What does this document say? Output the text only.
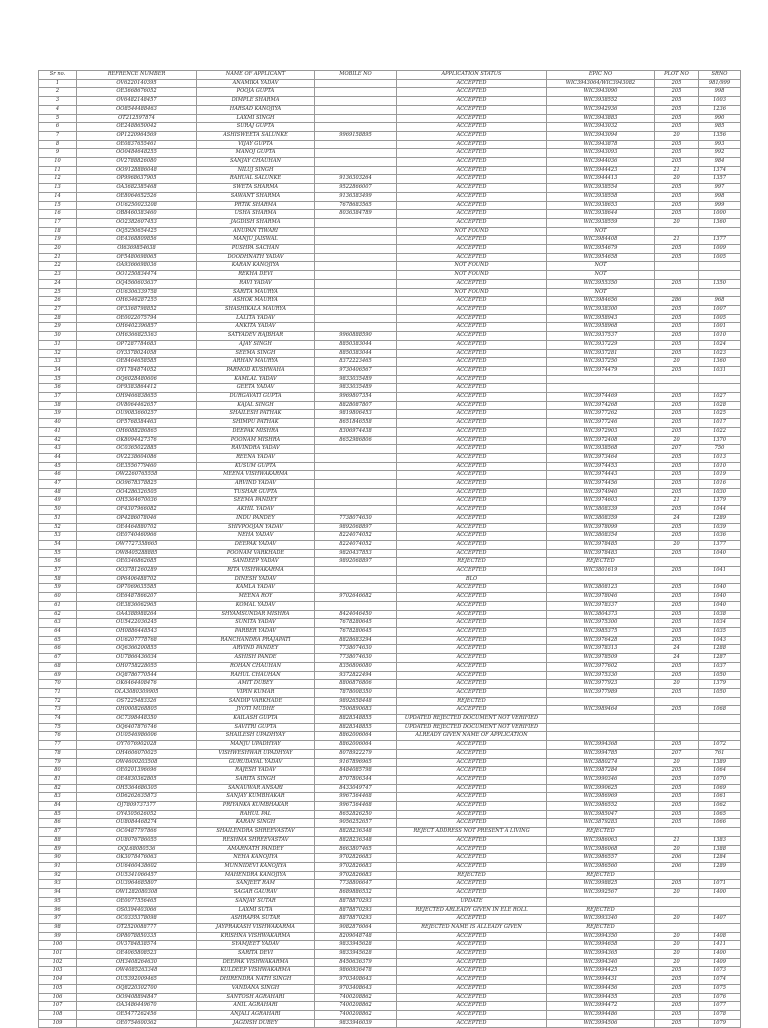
Sr no.	REFRENCE NUMBER	NAME OF APPLICANT	MOBILE NO	APPLICATION STATUS	EPIC NO	PLOT NO	SRNO
1	OV6220140395	ANAMIKA YADAV		ACCEPTED	WIC3943064/WIC3943082	205	981/999
2	OE3668676052	POOJA GUPTA		ACCEPTED	WIC3943090	205	998
3	OV6482148457	DIMPLE SHARMA		ACCEPTED	WIC3938552	205	1003
4	OO8544488463	HARSAD KANOJIYA		ACCEPTED	WIC3942936	205	1236
5	OT212597874	LAXMI SINGH		ACCEPTED	WIC3943883	205	990
6	OE2488650042	SURAJ GUPTA		ACCEPTED	WIC3943032	205	985
7	OP1220964569	ASHISWEETA SALUNKE	9969158895	ACCEPTED	WIC3943094	20	1356
8	OE0837655461	VIJAY GUPTA		ACCEPTED	WIC3943878	205	993
9	OO0484648255	MANOJ GUPTA		ACCEPTED	WIC3943093	205	992
10	OV2788826080	SANJAY CHAUHAN		ACCEPTED	WIC3944036	205	984
11	OO9128886048	NILUJ SINGH		ACCEPTED	WIC3944423	21	1374
12	OP9968637905	RAHUAL SALUNKE	9136303264	ACCEPTED	WIC3944413	20	1357
13	OA3682385468	SWETA SHARMA	9522866007	ACCEPTED	WIC3938554	205	997
14	OE8064652526	SAWANT SHARMA	9136383499	ACCEPTED	WIC3938558	205	998
15	OU6250023208	PRTIK SHARMA	7678683565	ACCEPTED	WIC3938653	205	999
16	OB8460383460	USHA SHARMA	8036384789	ACCEPTED	WIC3938644	205	1000
17	OO2382607453	JAGDISH SHARMA		ACCEPTED	WIC3938559	20	1360
18	OQ5250654425	ANUPAN TIWARI		NOT FOUND	NOT		
19	OE4368809856	MANJU JAISWAL		ACCEPTED	WIC3984408	21	1377
20	OI6369854638	PUSHPA SACHAN		ACCEPTED	WIC3954679	205	1009
21	OF5480698065	DOODHNATH YADAV		ACCEPTED	WIC3954658	205	1005
22	OA9366698036	KARAN KANOJIYA		NOT FOUND	NOT		
23	OO1250834474	REKHA DEVI		NOT FOUND	NOT		
24	OQ4560603637	RAVI YADAV		ACCEPTED	WIC3955350	205	1350
25	OU6306339758	SARITA MAURYA		NOT FOUND	NOT		
26	OH6346287255	ASHOK MAURYA		ACCEPTED	WIC3984656	286	968
27	OF3368798852	SHASHIKALA MAURYA		ACCEPTED	WIC3938300	205	1007
28	OE0022075794	LALITA YADAV		ACCEPTED	WIC3958943	205	1005
29	OH6402396857	ANKITA YADAV		ACCEPTED	WIC3958968	205	1001
30	OH6366825363	SATYADEV RAJBHAR	9960888590	ACCEPTED	WIC3937537	205	1010
31	OP7287784683	AJAY SINGH	8850383044	ACCEPTED	WIC3937229	205	1024
32	OY3378024058	SEEMA SINGH	8850383044	ACCEPTED	WIC3937281	205	1023
33	OE8464658585	ARHAN MAURYA	8372223465	ACCEPTED	WIC3937250	20	1360
34	OY1784874052	PARMOD KUSHWAHA	9730406567	ACCEPTED	WIC3974479	205	1031
35	OQ6028480606	KAMLAL YADAV	9833035489	ACCEPTED			
36	OF9383864412	GEETA YADAV	9833035489	ACCEPTED			
37	OH9466838655	DURGAVATI GUPTA	9969807354	ACCEPTED	WIC3974469	205	1027
38	OV8064462657	KAJAL SINGH	8828087807	ACCEPTED	WIC3974268	205	1028
39	OU9083660257	SHAILESH PATHAK	9819806453	ACCEPTED	WIC3977262	205	1025
40	OF5768384463	SHIMPU PATHAK	8651846558	ACCEPTED	WIC3977246	205	1017
41	OH6088286865	DEEPAK MISHRA	8306974438	ACCEPTED	WIC3972903	205	1022
42	OK8094427376	POONAM MISHRA	8652986806	ACCEPTED	WIC3972408	20	1370
43	OC0365022885	RAVINDRA YADAV		ACCEPTED	WIC3938568	207	750
44	OV2238604086	REENA YADAV		ACCEPTED	WIC3973464	205	1013
45	OE3556779460	KUSUM GUPTA		ACCEPTED	WIC3974453	205	1010
46	OW2260765558	MEENA VISHWAKARMA		ACCEPTED	WIC3974443	205	1019
47	OO9678378825	ARVIND YADAV		ACCEPTED	WIC3974456	205	1016
48	OO4286326505	TUSHAR GUPTA		ACCEPTED	WIC3974940	205	1030
49	OH5364670036	SEEMA PANDEY		ACCEPTED	WIC3974603	21	1379
50	OF4307966082	AKHIL YADAV		ACCEPTED	WIC3808339	205	1044
51	OP4286078046	INDU PANDEY	7738074630	ACCEPTED	WIC3808359	24	1289
52	OE4464880702	SHIVPOOJAN YADAV	9892068897	ACCEPTED	WIC3978099	205	1039
53	OE0740460966	NEHA YADAV	8224074052	ACCEPTED	WIC3808354	205	1036
54	OW7727358665	DEEPAK YADAV	8224074052	ACCEPTED	WIC3978485	20	1377
55	OW8405288885	POONAM VARKHADE	9820437853	ACCEPTED	WIC3978483	205	1040
56	OE0346862685	SANDEEP YADAV	9892068897	REJECTED	REJECTED		
57	OO3781260289	RITA VISHWAKARMA		ACCEPTED	WIC3801619	205	1041
58	OP6406488702	DINESH YADAV		BLO			
59	OP7069635585	KAMLA YADAV		ACCEPTED	WIC3808123	205	1040
60	OE6487866207	MEENA ROY	9702646682	ACCEPTED	WIC3978046	205	1040
61	OE3836062965	KOMAL YADAV		ACCEPTED	WIC3978337	205	1040
62	OA4388988264	SHYAMSUNDAR MISHRA	8424046450	ACCEPTED	WIC3804373	205	1038
63	OU5422036245	SUNITA YADAV	7678280645	ACCEPTED	WIC3975300	205	1034
64	OH0886448543	PARBER YADAV	7678280645	ACCEPTED	WIC3985375	205	1035
65	OU6207778768	RANCHANDRA PRAJAPATI	8828683294	ACCEPTED	WIC3976428	205	1043
66	OQ6366200855	ARVIND PANDEY	7738074630	ACCEPTED	WIC3978313	24	1288
67	OU7866436034	ASHISH PANDE	7738074630	ACCEPTED	WIC3978509	24	1287
68	OH0758228055	ROHAN CHAUHAN	8356806080	ACCEPTED	WIC3977602	205	1037
69	OQ8786770544	RAHUL CHAUHAN	9372822494	ACCEPTED	WIC3975330	205	1050
70	OK6464408476	AMIT DUBEY	8806876806	ACCEPTED	WIC3977923	20	1379
71	OLA3080309905	VIPIN KUMAR	7878008350	ACCEPTED	WIC3977989	205	1050
72	OS7225483326	SANDIP VARKHADE	9892658448	REJECTED			
73	OH0008268805	JYOTI MUDHE	7506890683	ACCEPTED	WIC3989464	205	1068
74	OC7398448350	KAILASH GUPTA	8828348855	UPDATED REJECTED DOCUMENT NOT VERIFIED			
75	OQ6407876746	SAVITRI GUPTA	8828348855	UPDATED REJECTED DOCUMENT NOT VERIFIED			
76	OU0546986006	SHAILESH UPADHYAY	8862006064	ALREADY GIVEN NAME OF APPLICATION			
77	OY7076902028	MANJU UPADHYAY	8862006064	ACCEPTED	WIC3994368	205	1072
78	OH4606070025	VISHWESHWAR UPADHYAY	8078922279	ACCEPTED	WIC3994785	207	761
79	OW4600203508	GURUDAYAL YADAV	9167896965	ACCEPTED	WIC3880274	20	1389
80	OE0201396696	RAJESH YADAV	8484085798	ACCEPTED	WIC3987284	205	1064
81	OE4830362805	SARITA SINGH	8707806344	ACCEPTED	WIC3990346	205	1070
82	OH5364686305	SANAUWAR ANSARI	8433049747	ACCEPTED	WIC3990625	205	1069
83	OD6262635873	SANJAY KUMBHAKAR	9967364468	ACCEPTED	WIC3986969	205	1061
84	OJ7809737377	PRIYANKA KUMBHAKAR	9967364468	ACCEPTED	WIC3986552	205	1062
85	OY4305626052	RAHUL PAL	8652826250	ACCEPTED	WIC3985047	205	1065
86	OU8084468274	KARAN SINGH	9056252657	ACCEPTED	WIC3879283	205	1066
87	OC0487797866	SHAILENDRA SHREEVASTAV	8828236348	REJECT ADDRESS NOT PRESENT A LIVING	REJECTED		
88	OU8076786055	RESHMA SHREEVASTAV	8828236348	ACCEPTED	WIC3986063	21	1383
89	OQL68080536	AMARNATH PANDEY	8663807465	ACCEPTED	WIC3986068	20	1388
90	OK3078476063	NEHA KANOJIYA	9702826683	ACCEPTED	WIC3986557	206	1284
91	OU6460438602	MUNNIDEVI KANOJIYA	9702826683	ACCEPTED	WIC3986560	206	1289
92	OU5341066457	MAHENDRA KANOJIYA	9702826683	REJECTED	REJECTED		
93	OU3964685807	SANJEET RAM	7738806647	ACCEPTED	WIC3998825	205	1071
94	OW1282080308	SAGAR GAURAV	8689886532	ACCEPTED	WIC3992567	20	1400
95	OE0077556465	SANJAY SUTAR	8878870293	UPDATE			
96	OS0394403066	LAXMI SUTA	8878870293	REJECTED ARLEADY GIVEN IN ELE ROLL	REJECTED		
97	OC0335378098	ASHRAPPA SUTAR	8878870293	ACCEPTED	WIC3993340	20	1407
98	OT2520088777	JAYPRAKASH VISHWAKARMA	9082876064	REJECTED NAME IS ALLEADY GIVEN	REJECTED		
99	OP8078850335	KRISHNA VISHWAKARMA	8209048748	ACCEPTED	WIC3994350	20	1408
100	OV3784838574	SYAMJEET YADAV	9833945628	ACCEPTED	WIC3994658	20	1411
101	OE4065808523	SARITA DEVI	9833945628	ACCEPTED	WIC3994365	20	1400
102	OH3408264630	DEEPAK VISHWAKARMA	8450636379	ACCEPTED	WIC3994340	20	1409
103	OW4085263348	KULDEEP VISHWAKARMA	9860936478	ACCEPTED	WIC3994425	205	1073
104	OU5392009465	DHIRENDRA NATH SINGH	9703408643	ACCEPTED	WIC3994431	205	1074
105	OQ8220302700	VANDANA SINGH	9703408643	ACCEPTED	WIC3994456	205	1075
106	OO9408894847	SANTOSH AGRAHARI	7400208862	ACCEPTED	WIC3994455	205	1076
107	OA3486449670	ANIL AGRAHARI	7400208862	ACCEPTED	WIC3994472	205	1077
108	OE5477262456	ANJALI AGRAHARI	7400208862	ACCEPTED	WIC3994486	205	1078
109	OE0754600362	JAGDISH DUBEY	9833946039	ACCEPTED	WIC3994506	205	1079
